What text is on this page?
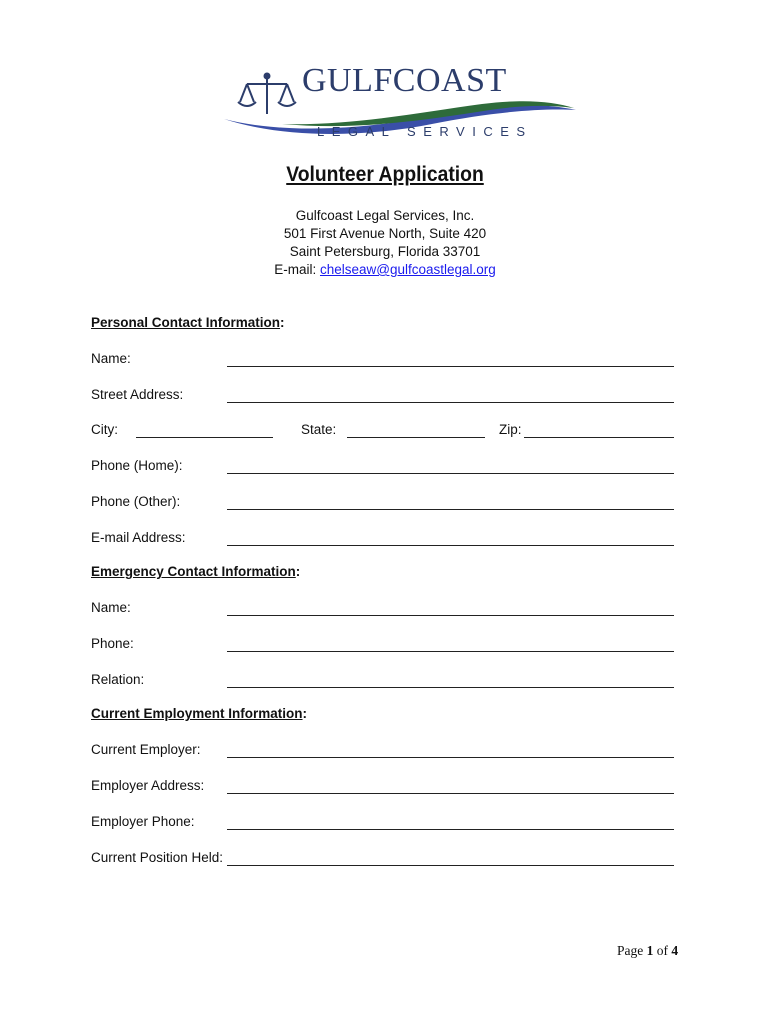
GULFCOAST
LEGAL SERVICES
Volunteer Application
Gulfcoast Legal Services, Inc.
501 First Avenue North, Suite 420
Saint Petersburg, Florida 33701
E-mail: chelseaw@gulfcoastlegal.org
Personal Contact Information:
Name:
Street Address:
City:	State:	Zip:
Phone (Home):
Phone (Other):
E-mail Address:
Emergency Contact Information:
Name:
Phone:
Relation:
Current Employment Information:
Current Employer:
Employer Address:
Employer Phone:
Current Position Held:
Page 1 of 4
